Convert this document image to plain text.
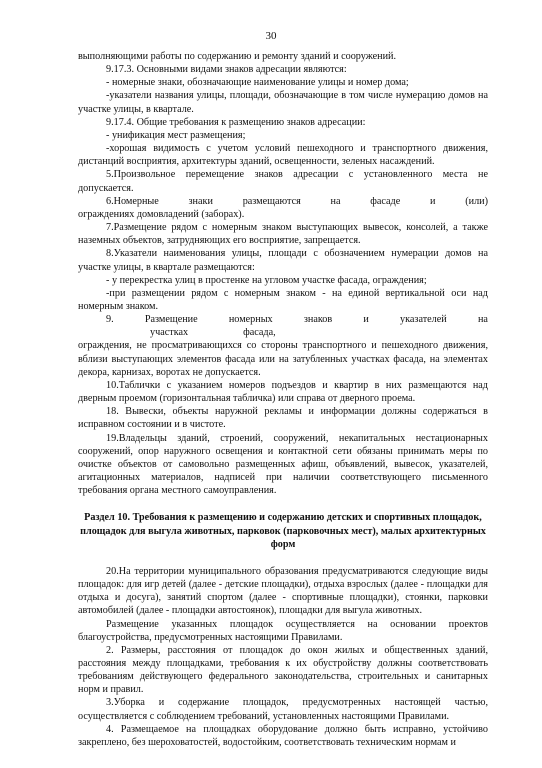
30

выполняющими работы по содержанию и ремонту зданий и сооружений.

9.17.3. Основными видами знаков адресации являются:

- номерные знаки, обозначающие наименование улицы и номер дома;

-указатели названия улицы, площади, обозначающие в том числе нумерацию домов на участке улицы, в квартале.

9.17.4. Общие требования к размещению знаков адресации:

- унификация мест размещения;

-хорошая видимость с учетом условий пешеходного и транспортного движения, дистанций восприятия, архитектуры зданий, освещенности, зеленых насаждений.

5.Произвольное перемещение знаков адресации с установленного места не допускается.

6.Номерные	знаки	размещаются	на	фасаде	и	(или)

ограждениях домовладений (заборах).

7.Размещение рядом с номерным знаком выступающих вывесок, консолей, а также наземных объектов, затрудняющих его восприятие, запрещается.

8.Указатели наименования улицы, площади с обозначением нумерации домов на участке улицы, в квартале размещаются:

- у перекрестка улиц в простенке на угловом участке фасада, ограждения;

-при размещении рядом с номерным знаком - на единой вертикальной оси над номерным знаком.

9.	Размещение	номерных	знаков	и	указателей	на
участках	фасада,

ограждения, не просматривающихся со стороны транспортного и пешеходного движения, вблизи выступающих элементов фасада или на затубленных участках фасада, на элементах декора, карнизах, воротах не допускается.

10.Таблички с указанием номеров подъездов и квартир в них размещаются над дверным проемом (горизонтальная табличка) или справа от дверного проема.

18. Вывески, объекты наружной рекламы и информации должны содержаться в исправном состоянии и в чистоте.

19.Владельцы зданий, строений, сооружений, некапитальных нестационарных сооружений, опор наружного освещения и контактной сети обязаны принимать меры по очистке объектов от самовольно размещенных афиш, объявлений, вывесок, указателей, агитационных материалов, надписей при наличии соответствующего письменного требования органа местного самоуправления.

Раздел 10. Требования к размещению и содержанию детских и спортивных площадок, площадок для выгула животных, парковок (парковочных мест), малых архитектурных форм

20.На территории муниципального образования предусматриваются следующие виды площадок: для игр детей (далее - детские площадки), отдыха взрослых (далее - площадки для отдыха и досуга), занятий спортом (далее - спортивные площадки), стоянки, парковки автомобилей (далее - площадки автостоянок), площадки для выгула животных.

Размещение указанных площадок осуществляется на основании проектов благоустройства, предусмотренных настоящими Правилами.

2. Размеры, расстояния от площадок до окон жилых и общественных зданий, расстояния между площадками, требования к их обустройству должны соответствовать требованиям действующего федерального законодательства, строительных и санитарных норм и правил.

3.Уборка и содержание площадок, предусмотренных настоящей частью, осуществляется с соблюдением требований, установленных настоящими Правилами.

4. Размещаемое на площадках оборудование должно быть исправно, устойчиво закреплено, без шероховатостей, водостойким, соответствовать техническим нормам и
